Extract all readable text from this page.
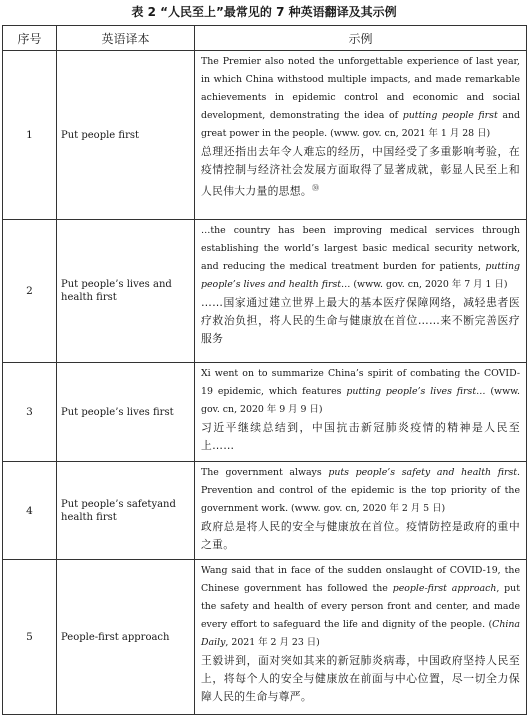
表 2 “人民至上”最常见的 7 种英语翻译及其示例
序号	英语译本	示例
1	Put people first	The Premier also noted the unforgettable experience of last year, in which China withstood multiple impacts, and made remarkable achievements in epidemic control and economic and social development, demonstrating the idea of putting people first and great power in the people. (www. gov. cn, 2021 年 1 月 28 日)
总理还指出去年令人难忘的经历，中国经受了多重影响考验，在疫情控制与经济社会发展方面取得了显著成就，彰显人民至上和人民伟大力量的思想。$^㉚$

2	Put people’s lives and health first	…the country has been improving medical services through establishing the world’s largest basic medical security network, and reducing the medical treatment burden for patients, putting people’s lives and health first… (www. gov. cn, 2020 年 7 月 1 日)
……国家通过建立世界上最大的基本医疗保障网络，减轻患者医疗救治负担，将人民的生命与健康放在首位……来不断完善医疗服务

3	Put people’s lives first	Xi went on to summarize China’s spirit of combating the COVID-19 epidemic, which features putting people’s lives first… (www. gov. cn, 2020 年 9 月 9 日)
习近平继续总结到，中国抗击新冠肺炎疫情的精神是人民至上……

4	Put people’s safetyand health first	The government always puts people’s safety and health first. Prevention and control of the epidemic is the top priority of the government work. (www. gov. cn, 2020 年 2 月 5 日)
政府总是将人民的安全与健康放在首位。疫情防控是政府的重中之重。

5	People-first approach	Wang said that in face of the sudden onslaught of COVID-19, the Chinese government has followed the people-first approach, put the safety and health of every person front and center, and made every effort to safeguard the life and dignity of the people. (China Daily, 2021 年 2 月 23 日)
王毅讲到，面对突如其来的新冠肺炎病毒，中国政府坚持人民至上，将每个人的安全与健康放在前面与中心位置，尽一切全力保障人民的生命与尊严。
